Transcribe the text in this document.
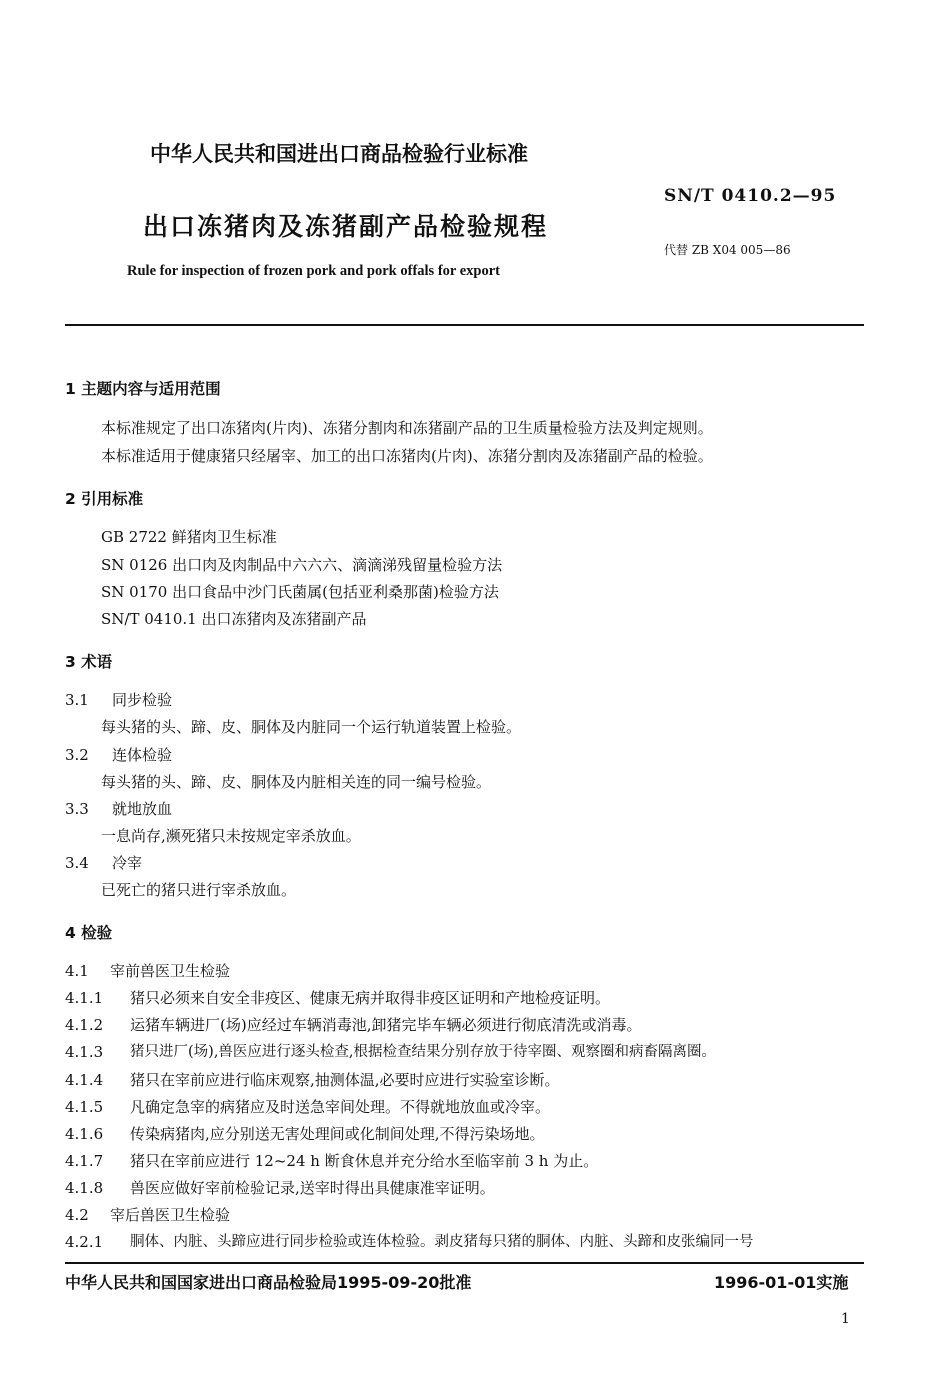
中华人民共和国进出口商品检验行业标准
SN/T 0410.2—95
出口冻猪肉及冻猪副产品检验规程
代替 ZB X04 005—86
Rule for inspection of frozen pork and pork offals for export
1 主题内容与适用范围
本标准规定了出口冻猪肉(片肉)、冻猪分割肉和冻猪副产品的卫生质量检验方法及判定规则。
本标准适用于健康猪只经屠宰、加工的出口冻猪肉(片肉)、冻猪分割肉及冻猪副产品的检验。
2 引用标准
GB 2722 鲜猪肉卫生标准
SN 0126 出口肉及肉制品中六六六、滴滴涕残留量检验方法
SN 0170 出口食品中沙门氏菌属(包括亚利桑那菌)检验方法
SN/T 0410.1 出口冻猪肉及冻猪副产品
3 术语
3.1 同步检验
每头猪的头、蹄、皮、胴体及内脏同一个运行轨道装置上检验。
3.2 连体检验
每头猪的头、蹄、皮、胴体及内脏相关连的同一编号检验。
3.3 就地放血
一息尚存,濒死猪只未按规定宰杀放血。
3.4 冷宰
已死亡的猪只进行宰杀放血。
4 检验
4.1 宰前兽医卫生检验
4.1.1 猪只必须来自安全非疫区、健康无病并取得非疫区证明和产地检疫证明。
4.1.2 运猪车辆进厂(场)应经过车辆消毒池,卸猪完毕车辆必须进行彻底清洗或消毒。
4.1.3 猪只进厂(场),兽医应进行逐头检查,根据检查结果分别存放于待宰圈、观察圈和病畜隔离圈。
4.1.4 猪只在宰前应进行临床观察,抽测体温,必要时应进行实验室诊断。
4.1.5 凡确定急宰的病猪应及时送急宰间处理。不得就地放血或冷宰。
4.1.6 传染病猪肉,应分别送无害处理间或化制间处理,不得污染场地。
4.1.7 猪只在宰前应进行 12~24 h 断食休息并充分给水至临宰前 3 h 为止。
4.1.8 兽医应做好宰前检验记录,送宰时得出具健康准宰证明。
4.2 宰后兽医卫生检验
4.2.1 胴体、内脏、头蹄应进行同步检验或连体检验。剥皮猪每只猪的胴体、内脏、头蹄和皮张编同一号
中华人民共和国国家进出口商品检验局1995-09-20批准	1996-01-01实施
1
